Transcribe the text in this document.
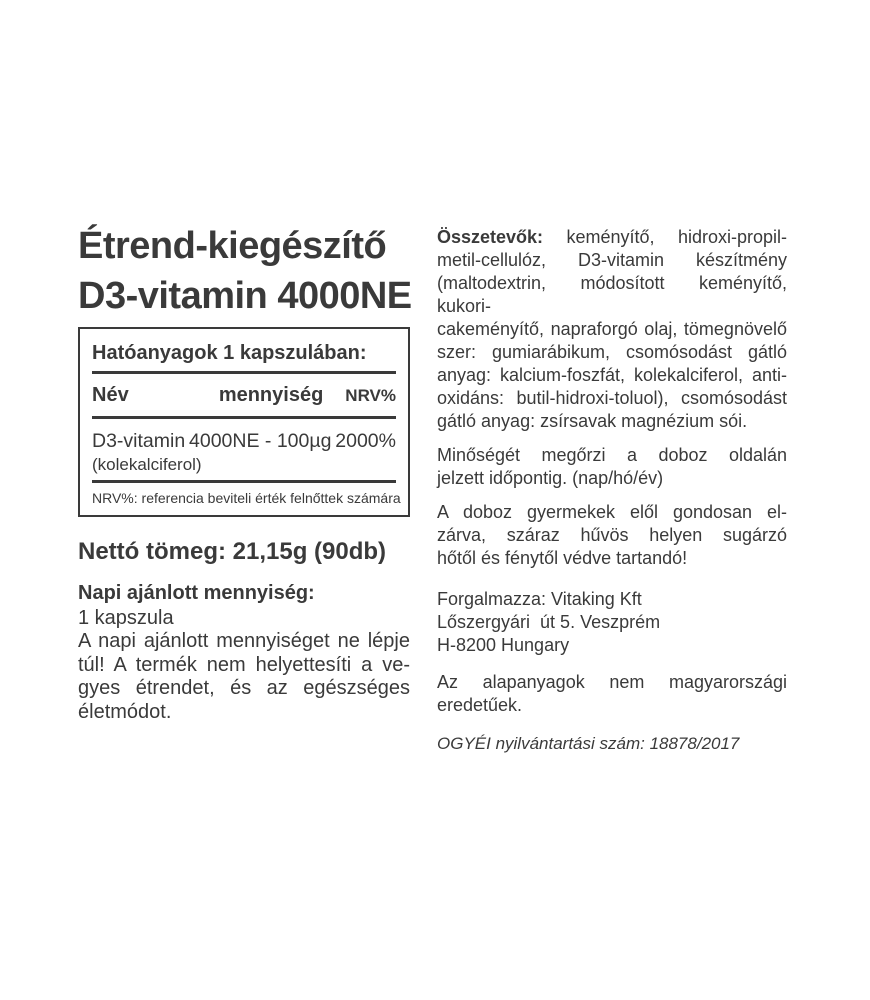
Étrend-kiegészítő
D3-vitamin 4000NE
Hatóanyagok 1 kapszulában:
Név	mennyiség NRV%
D3-vitamin 4000NE - 100µg 2000%
(kolekalciferol)
NRV%: referencia beviteli érték felnőttek számára
Nettó tömeg: 21,15g (90db)
Napi ajánlott mennyiség:
1 kapszula
A napi ajánlott mennyiséget ne lépje
túl! A termék nem helyettesíti a ve-
gyes étrendet, és az egészséges
életmódot.
Összetevők: keményítő, hidroxi-propil-
metil-cellulóz, D3-vitamin készítmény
(maltodextrin, módosított keményítő, kukori-
cakeményítő, napraforgó olaj, tömegnövelő
szer: gumiarábikum, csomósodást gátló
anyag: kalcium-foszfát, kolekalciferol, anti-
oxidáns: butil-hidroxi-toluol), csomósodást
gátló anyag: zsírsavak magnézium sói.
Minőségét megőrzi a doboz oldalán
jelzett időpontig. (nap/hó/év)
A doboz gyermekek elől gondosan el-
zárva, száraz hűvös helyen sugárzó
hőtől és fénytől védve tartandó!
Forgalmazza: Vitaking Kft
Lőszergyári  út 5. Veszprém
H-8200 Hungary
Az alapanyagok nem magyarországi
eredetűek.
OGYÉI nyilvántartási szám: 18878/2017
